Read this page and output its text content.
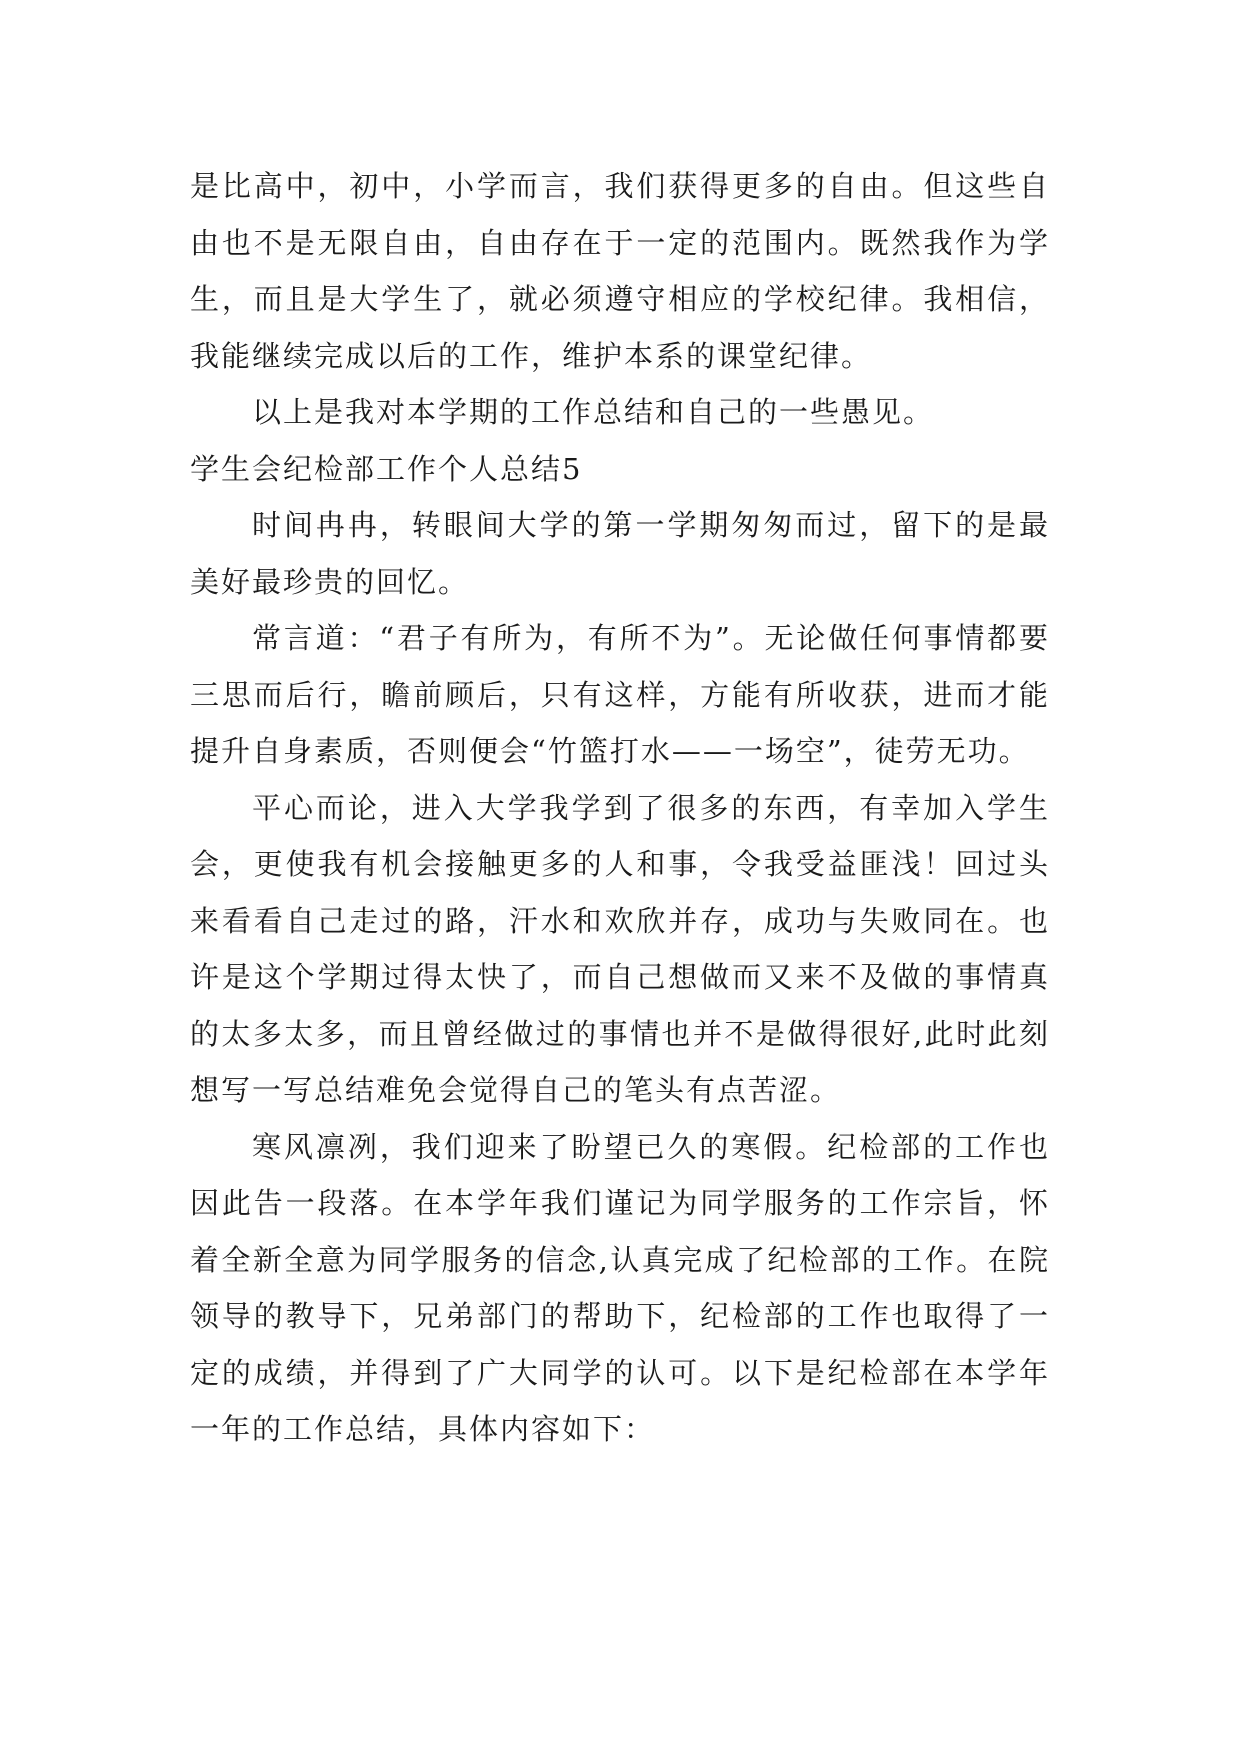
是比高中，初中，小学而言，我们获得更多的自由。但这些自由也不是无限自由，自由存在于一定的范围内。既然我作为学生，而且是大学生了，就必须遵守相应的学校纪律。我相信，我能继续完成以后的工作，维护本系的课堂纪律。

以上是我对本学期的工作总结和自己的一些愚见。

学生会纪检部工作个人总结5

时间冉冉，转眼间大学的第一学期匆匆而过，留下的是最美好最珍贵的回忆。

常言道：“君子有所为，有所不为”。无论做任何事情都要三思而后行，瞻前顾后，只有这样，方能有所收获，进而才能提升自身素质，否则便会“竹篮打水——一场空”，徒劳无功。

平心而论，进入大学我学到了很多的东西，有幸加入学生会，更使我有机会接触更多的人和事，令我受益匪浅！回过头来看看自己走过的路，汗水和欢欣并存，成功与失败同在。也许是这个学期过得太快了，而自己想做而又来不及做的事情真的太多太多，而且曾经做过的事情也并不是做得很好,此时此刻想写一写总结难免会觉得自己的笔头有点苦涩。

寒风凛冽，我们迎来了盼望已久的寒假。纪检部的工作也因此告一段落。在本学年我们谨记为同学服务的工作宗旨，怀着全新全意为同学服务的信念,认真完成了纪检部的工作。在院领导的教导下，兄弟部门的帮助下，纪检部的工作也取得了一定的成绩，并得到了广大同学的认可。以下是纪检部在本学年一年的工作总结，具体内容如下：
